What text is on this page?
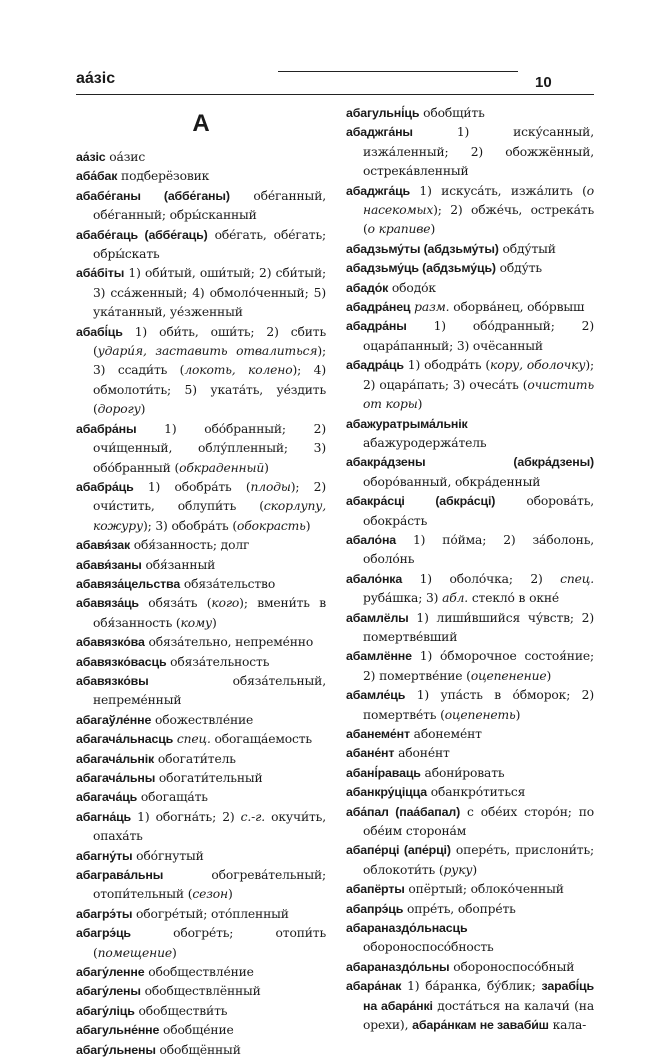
аа́зіс	10
А

аа́зіс оа́зис

аба́бак подберёзовик

абабе́ганы (аббе́ганы) обе́ганный, обе́ганный; обры́сканный

абабе́гаць (аббе́гаць) обе́гать, обе́гать; обры́скать

аба́біты 1) оби́тый, оши́тый; 2) сби́тый; 3) сса́женный; 4) обмоло́ченный; 5) ука́танный, уе́зженный

абабі́ць 1) оби́ть, оши́ть; 2) сбить (удари́я, заставить отвалиться); 3) ссади́ть (локоть, колено); 4) обмолоти́ть; 5) уката́ть, уе́здить (дорогу)

абабра́ны 1) обо́бранный; 2) очи́щенный, облу́пленный; 3) обо́бранный (обкраденный)

абабра́ць 1) обобра́ть (плоды); 2) очи́стить, облупи́ть (скорлупу, кожуру); 3) обобра́ть (обокрасть)

абавя́зак обя́занность; долг

абавя́заны обя́занный

абавяза́цельства обяза́тельство

абавяза́ць обяза́ть (кого); вмени́ть в обя́занность (кому)

абавязко́ва обяза́тельно, непреме́нно

абавязко́васць обяза́тельность

абавязко́вы обяза́тельный, непреме́нный

абагаўле́нне обожествле́ние

абагача́льнасць спец. обогаща́емость

абагача́льнік обогати́тель

абагача́льны обогати́тельный

абагача́ць обогаща́ть

абагна́ць 1) обогна́ть; 2) с.-г. окучи́ть, опаха́ть

абагну́ты обо́гнутый

абаграва́льны обогрева́тельный; отопи́тельный (сезон)

абагрэ́ты обогре́тый; ото́пленный

абагрэ́ць обогре́ть; отопи́ть (помещение)

абагу́ленне обобществле́ние

абагу́лены обобществлённый

абагу́ліць обобществи́ть

абагульне́нне обобще́ние

абагу́льнены обобщённый

абагульні́ць обобщи́ть

абаджга́ны 1) иску́санный, изжа́ленный; 2) обожжённый, острека́вленный

абаджга́ць 1) искуса́ть, изжа́лить (о насекомых); 2) обже́чь, острека́ть (о крапиве)

абадзьму́ты (абдзьму́ты) обду́тый

абадзьму́ць (абдзьму́ць) обду́ть

абадо́к ободо́к

абадра́нец разм. оборва́нец, обо́рвыш

абадра́ны 1) обо́дранный; 2) оцара́панный; 3) очёсанный

абадра́ць 1) ободра́ть (кору, оболочку); 2) оцара́пать; 3) очеса́ть (очистить от коры)

абажуратрыма́льнік абажуродержа́тель

абакра́дзены (абкра́дзены) оборо́ванный, обкра́денный

абакра́сці (абкра́сці) оборова́ть, обокра́сть

абало́на 1) по́йма; 2) за́болонь, оболо́нь

абало́нка 1) оболо́чка; 2) спец. руба́шка; 3) абл. стекло́ в окне́

абамлёлы 1) лиши́вшийся чу́вств; 2) помертве́вший

абамлённе 1) о́бморочное состоя́ние; 2) помертве́ние (оцепенение)

абамле́ць 1) упа́сть в о́бморок; 2) помертве́ть (оцепенеть)

абанеме́нт абонеме́нт

абане́нт абоне́нт

абані́раваць абони́ровать

абанкру́ціцца обанкро́титься

аба́пал (паа́бапал) с обе́их сторо́н; по обе́им сторона́м

абапе́рці (апе́рці) опере́ть, прислони́ть; облокоти́ть (руку)

абапёрты опёртый; облоко́ченный

абапрэ́ць опре́ть, обопре́ть

абараназдо́льнасць обороноспосо́бность

абараназдо́льны обороноспосо́бный

абара́нак 1) ба́ранка, бу́блик; зарабі́ць на абара́нкі доста́ться на калачи́ (на орехи), абара́нкам не заваби́ш кала-
